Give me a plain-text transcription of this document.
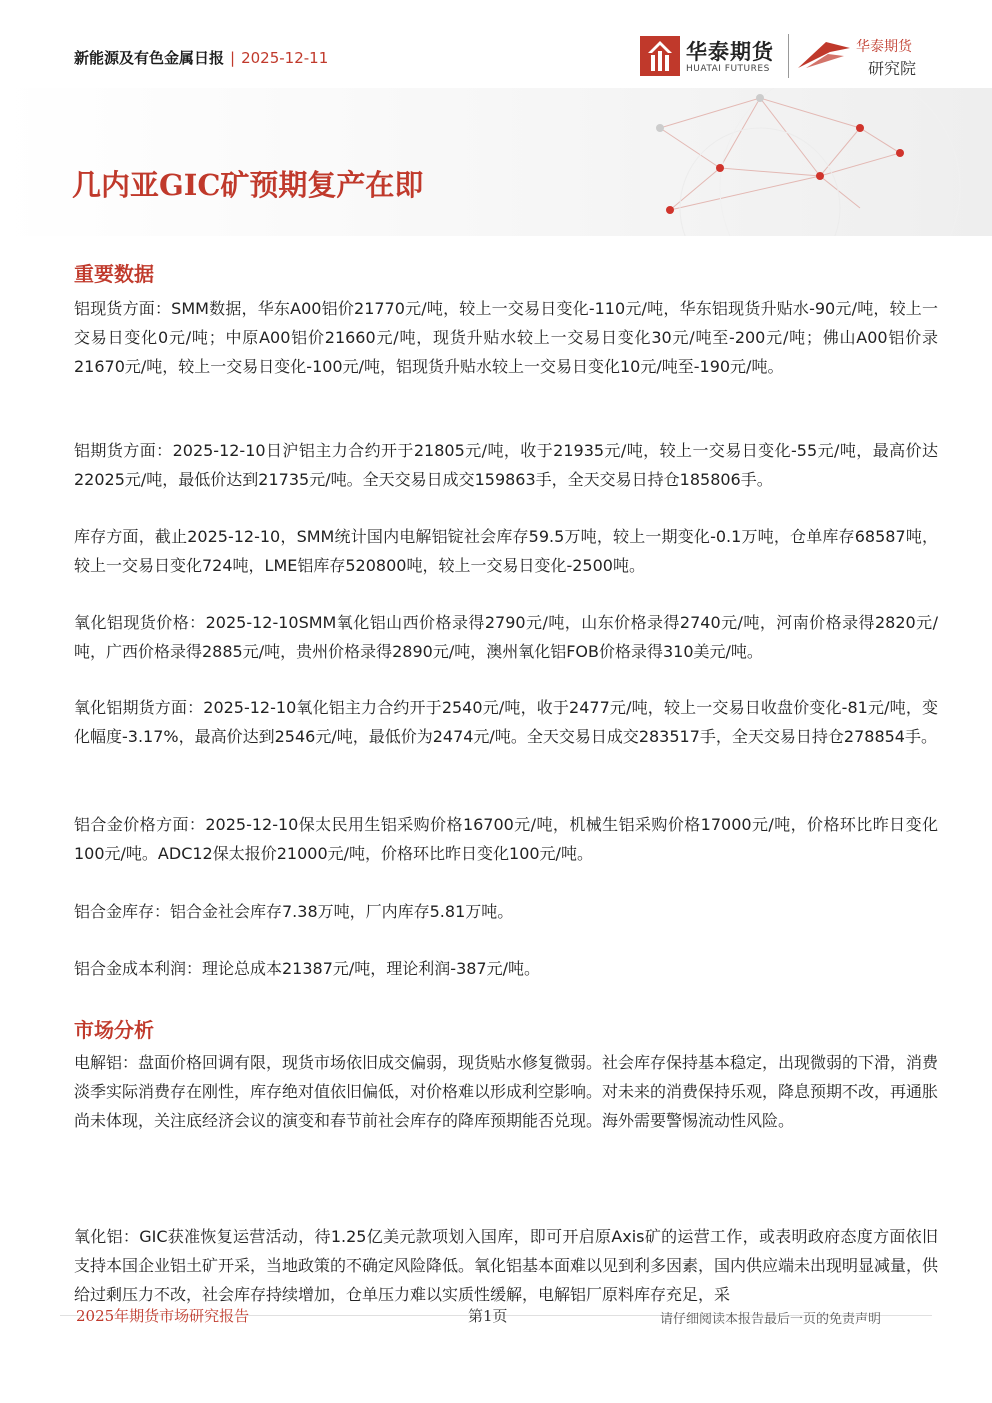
新能源及有色金属日报 | 2025-12-11	华泰期货
HUATAI FUTURES
华泰期货
研究院
几内亚GIC矿预期复产在即
重要数据

铝现货方面：SMM数据，华东A00铝价21770元/吨，较上一交易日变化-110元/吨，华东铝现货升贴水-90元/吨，较上一交易日变化0元/吨；中原A00铝价21660元/吨，现货升贴水较上一交易日变化30元/吨至-200元/吨；佛山A00铝价录21670元/吨，较上一交易日变化-100元/吨，铝现货升贴水较上一交易日变化10元/吨至-190元/吨。

铝期货方面：2025-12-10日沪铝主力合约开于21805元/吨，收于21935元/吨，较上一交易日变化-55元/吨，最高价达22025元/吨，最低价达到21735元/吨。全天交易日成交159863手，全天交易日持仓185806手。

库存方面，截止2025-12-10，SMM统计国内电解铝锭社会库存59.5万吨，较上一期变化-0.1万吨，仓单库存68587吨，较上一交易日变化724吨，LME铝库存520800吨，较上一交易日变化-2500吨。

氧化铝现货价格：2025-12-10SMM氧化铝山西价格录得2790元/吨，山东价格录得2740元/吨，河南价格录得2820元/吨，广西价格录得2885元/吨，贵州价格录得2890元/吨，澳州氧化铝FOB价格录得310美元/吨。

氧化铝期货方面：2025-12-10氧化铝主力合约开于2540元/吨，收于2477元/吨，较上一交易日收盘价变化-81元/吨，变化幅度-3.17%，最高价达到2546元/吨，最低价为2474元/吨。全天交易日成交283517手，全天交易日持仓278854手。

铝合金价格方面：2025-12-10保太民用生铝采购价格16700元/吨，机械生铝采购价格17000元/吨，价格环比昨日变化100元/吨。ADC12保太报价21000元/吨，价格环比昨日变化100元/吨。

铝合金库存：铝合金社会库存7.38万吨，厂内库存5.81万吨。

铝合金成本利润：理论总成本21387元/吨，理论利润-387元/吨。

市场分析

电解铝：盘面价格回调有限，现货市场依旧成交偏弱，现货贴水修复微弱。社会库存保持基本稳定，出现微弱的下滑，消费淡季实际消费存在刚性，库存绝对值依旧偏低，对价格难以形成利空影响。对未来的消费保持乐观，降息预期不改，再通胀尚未体现，关注底经济会议的演变和春节前社会库存的降库预期能否兑现。海外需要警惕流动性风险。

氧化铝：GIC获准恢复运营活动，待1.25亿美元款项划入国库，即可开启原Axis矿的运营工作，或表明政府态度方面依旧支持本国企业铝土矿开采，当地政策的不确定风险降低。氧化铝基本面难以见到利多因素，国内供应端未出现明显减量，供给过剩压力不改，社会库存持续增加，仓单压力难以实质性缓解，电解铝厂原料库存充足，采

2025年期货市场研究报告	第1页	请仔细阅读本报告最后一页的免责声明
